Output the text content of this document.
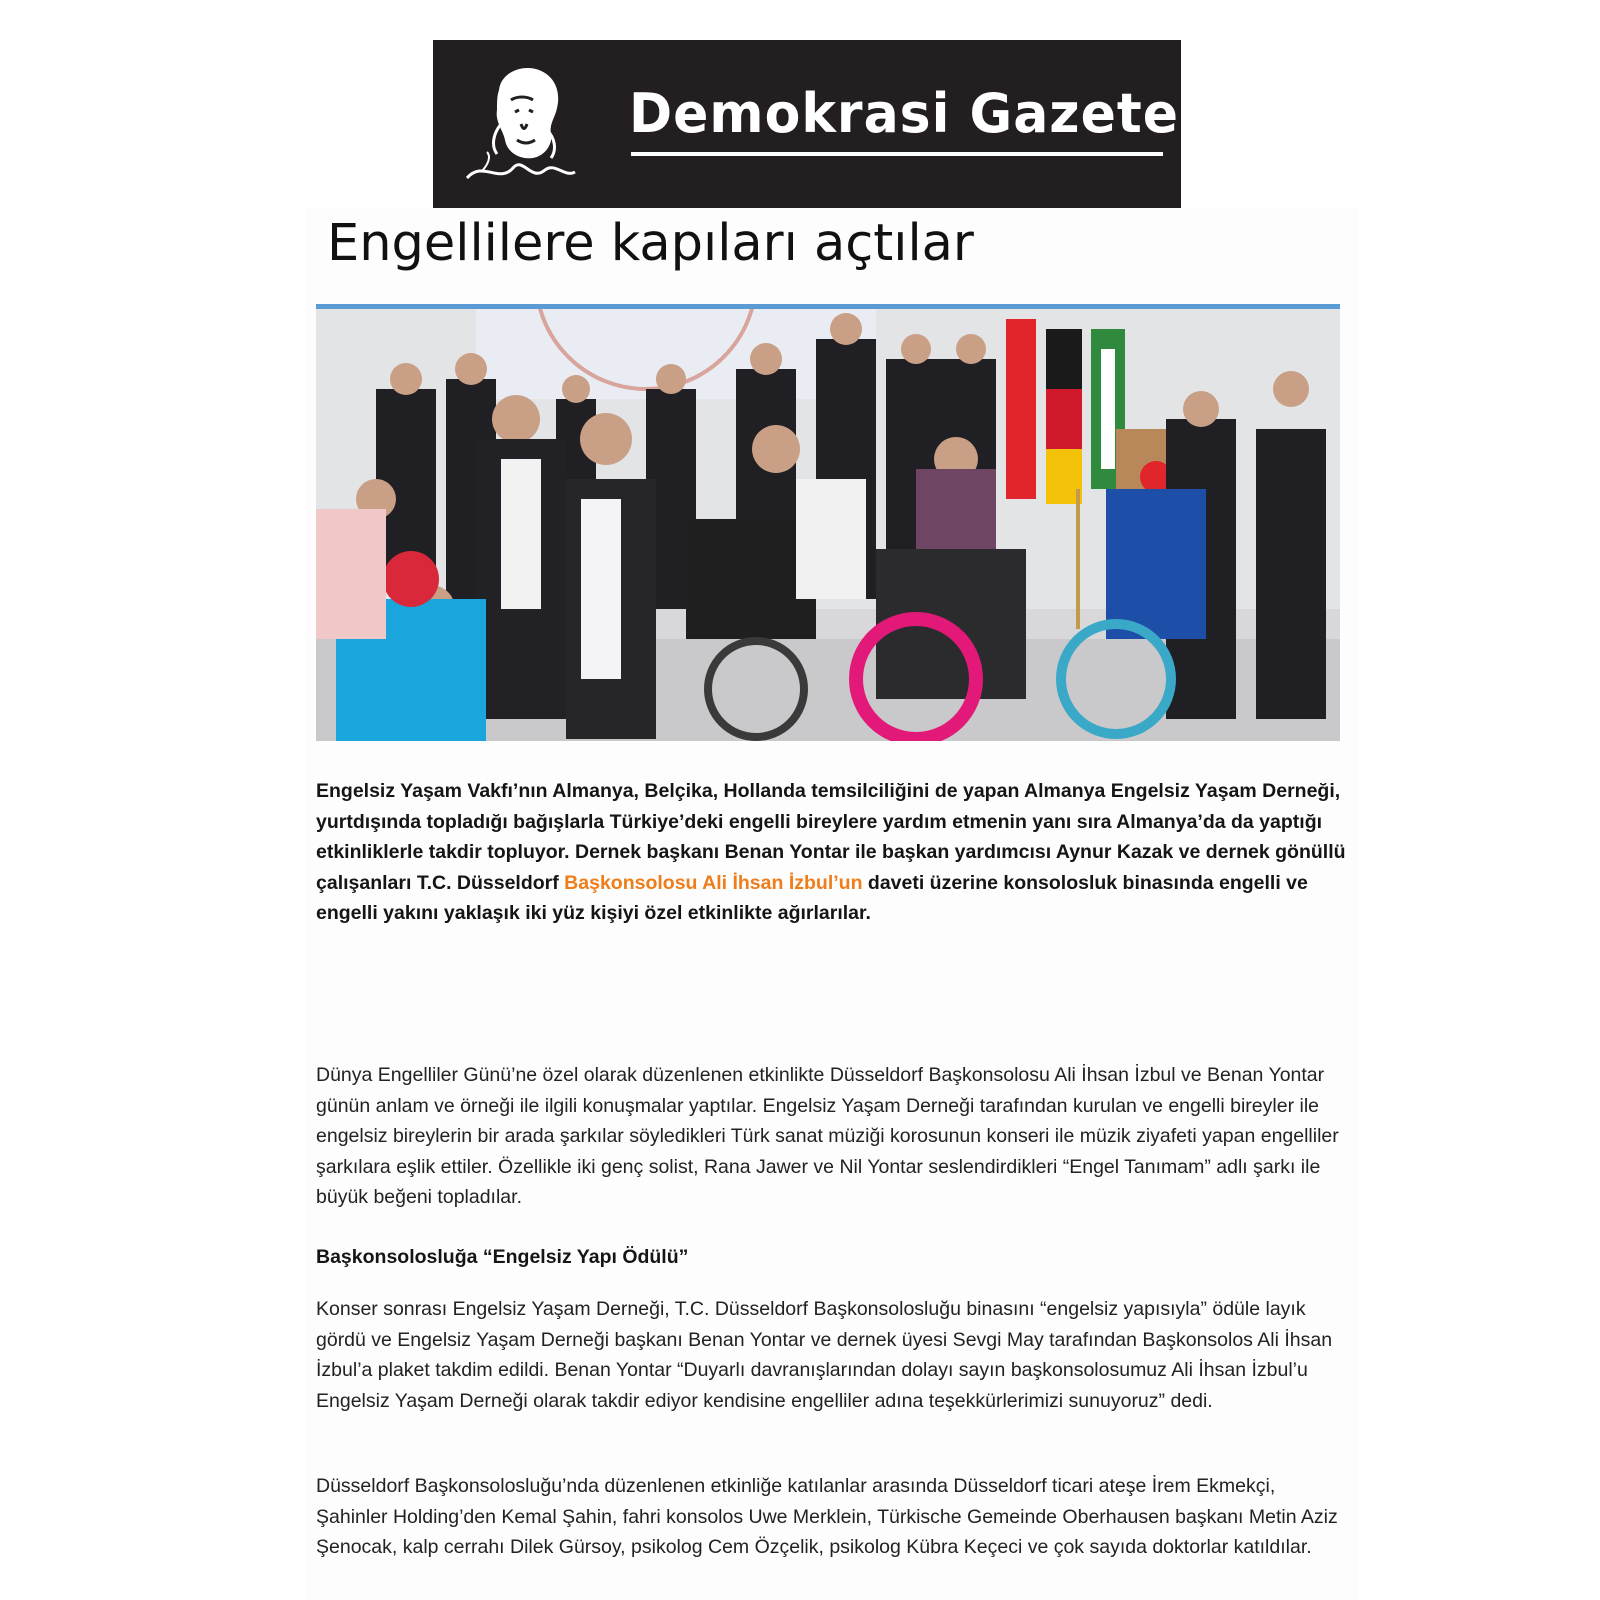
Demokrasi Gazetesi
Engellilere kapıları açtılar
Engelsiz Yaşam Vakfı’nın Almanya, Belçika, Hollanda temsilciliğini de yapan Almanya Engelsiz Yaşam Derneği, yurtdışında topladığı bağışlarla Türkiye’deki engelli bireylere yardım etmenin yanı sıra Almanya’da da yaptığı etkinliklerle takdir topluyor. Dernek başkanı Benan Yontar ile başkan yardımcısı Aynur Kazak ve dernek gönüllü çalışanları T.C. Düsseldorf Başkonsolosu Ali İhsan İzbul’un daveti üzerine konsolosluk binasında engelli ve engelli yakını yaklaşık iki yüz kişiyi özel etkinlikte ağırlarılar.
Dünya Engelliler Günü’ne özel olarak düzenlenen etkinlikte Düsseldorf Başkonsolosu Ali İhsan İzbul ve Benan Yontar günün anlam ve örneği ile ilgili konuşmalar yaptılar. Engelsiz Yaşam Derneği tarafından kurulan ve engelli bireyler ile engelsiz bireylerin bir arada şarkılar söyledikleri Türk sanat müziği korosunun konseri ile müzik ziyafeti yapan engelliler şarkılara eşlik ettiler. Özellikle iki genç solist, Rana Jawer ve Nil Yontar seslendirdikleri “Engel Tanımam” adlı şarkı ile büyük beğeni topladılar.
Başkonsolosluğa “Engelsiz Yapı Ödülü”
Konser sonrası Engelsiz Yaşam Derneği, T.C. Düsseldorf Başkonsolosluğu binasını “engelsiz yapısıyla” ödüle layık gördü ve Engelsiz Yaşam Derneği başkanı Benan Yontar ve dernek üyesi Sevgi May tarafından Başkonsolos Ali İhsan İzbul’a plaket takdim edildi. Benan Yontar “Duyarlı davranışlarından dolayı sayın başkonsolosumuz Ali İhsan İzbul’u Engelsiz Yaşam Derneği olarak takdir ediyor kendisine engelliler adına teşekkürlerimizi sunuyoruz” dedi.
Düsseldorf Başkonsolosluğu’nda düzenlenen etkinliğe katılanlar arasında Düsseldorf ticari ateşe İrem Ekmekçi, Şahinler Holding’den Kemal Şahin, fahri konsolos Uwe Merklein, Türkische Gemeinde Oberhausen başkanı Metin Aziz Şenocak, kalp cerrahı Dilek Gürsoy, psikolog Cem Özçelik, psikolog Kübra Keçeci ve çok sayıda doktorlar katıldılar.
